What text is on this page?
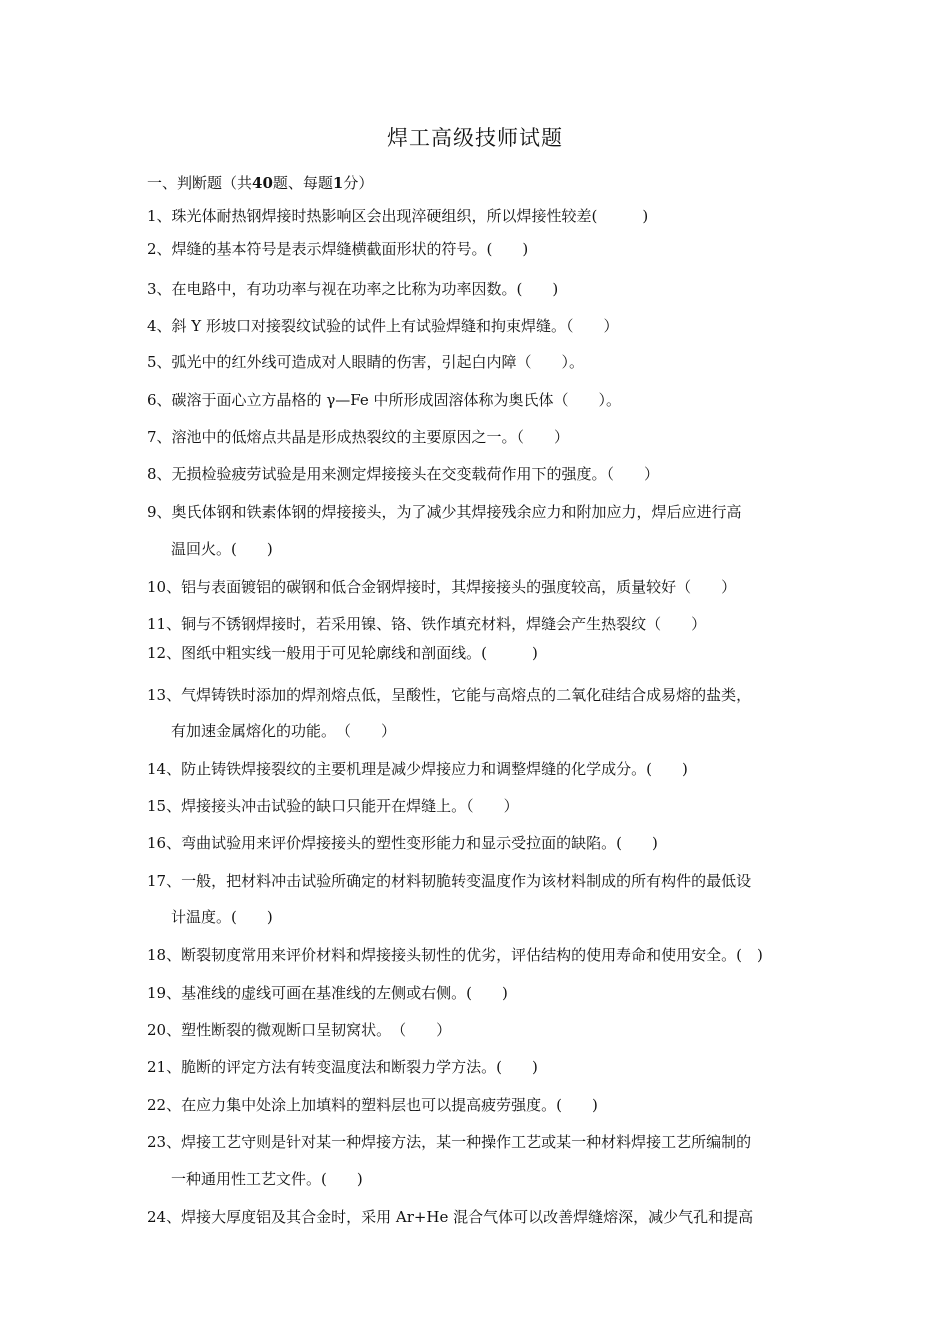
焊工高级技师试题
一、判断题（共40题、每题1分）
1、珠光体耐热钢焊接时热影响区会出现淬硬组织，所以焊接性较差(　　　)
2、焊缝的基本符号是表示焊缝横截面形状的符号。(　　)
3、在电路中，有功功率与视在功率之比称为功率因数。(　　)
4、斜 Y 形坡口对接裂纹试验的试件上有试验焊缝和拘束焊缝。（　　）
5、弧光中的红外线可造成对人眼睛的伤害，引起白内障（　　）。
6、碳溶于面心立方晶格的 γ—Fe 中所形成固溶体称为奥氏体（　　）。
7、溶池中的低熔点共晶是形成热裂纹的主要原因之一。（　　）
8、无损检验疲劳试验是用来测定焊接接头在交变载荷作用下的强度。（　　）
9、奥氏体钢和铁素体钢的焊接接头，为了减少其焊接残余应力和附加应力，焊后应进行高
温回火。(　　)
10、铝与表面镀铝的碳钢和低合金钢焊接时，其焊接接头的强度较高，质量较好（　　）
11、铜与不锈钢焊接时，若采用镍、铬、铁作填充材料，焊缝会产生热裂纹（　　）
12、图纸中粗实线一般用于可见轮廓线和剖面线。(　　　)
13、气焊铸铁时添加的焊剂熔点低，呈酸性，它能与高熔点的二氧化硅结合成易熔的盐类，
有加速金属熔化的功能。　（　　）
14、防止铸铁焊接裂纹的主要机理是减少焊接应力和调整焊缝的化学成分。(　　)
15、焊接接头冲击试验的缺口只能开在焊缝上。（　　）
16、弯曲试验用来评价焊接接头的塑性变形能力和显示受拉面的缺陷。(　　)
17、一般，把材料冲击试验所确定的材料韧脆转变温度作为该材料制成的所有构件的最低设
计温度。(　　)
18、断裂韧度常用来评价材料和焊接接头韧性的优劣，评估结构的使用寿命和使用安全。(　)
19、基准线的虚线可画在基准线的左侧或右侧。(　　)
20、塑性断裂的微观断口呈韧窝状。　（　　）
21、脆断的评定方法有转变温度法和断裂力学方法。(　　)
22、在应力集中处涂上加填料的塑料层也可以提高疲劳强度。(　　)
23、焊接工艺守则是针对某一种焊接方法，某一种操作工艺或某一种材料焊接工艺所编制的
一种通用性工艺文件。(　　)
24、焊接大厚度铝及其合金时，采用 Ar+He 混合气体可以改善焊缝熔深，减少气孔和提高
